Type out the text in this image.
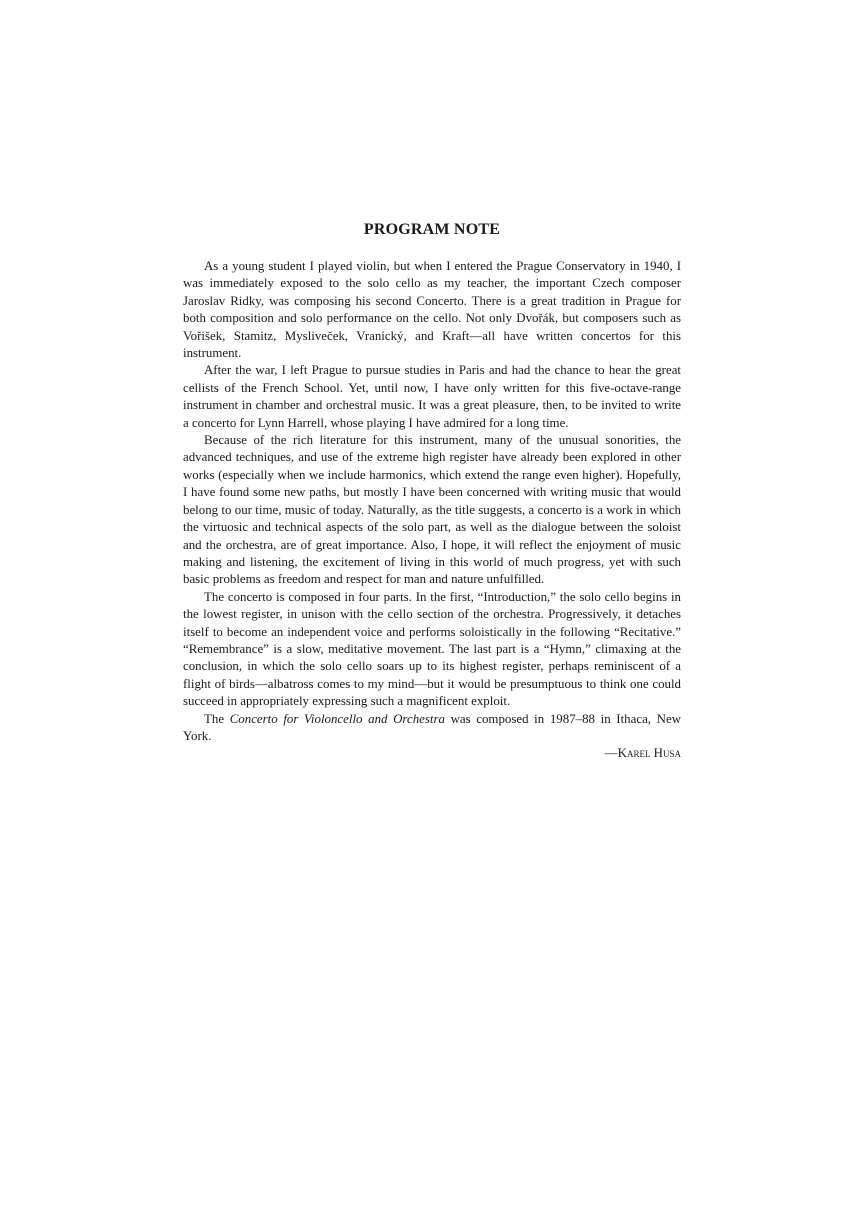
PROGRAM NOTE

As a young student I played violin, but when I entered the Prague Conservatory in 1940, I was immediately exposed to the solo cello as my teacher, the important Czech composer Jaroslav Ridky, was composing his second Concerto. There is a great tradition in Prague for both composition and solo performance on the cello. Not only Dvořák, but composers such as Vořišek, Stamitz, Mysliveček, Vranický, and Kraft—all have written concertos for this instrument.

After the war, I left Prague to pursue studies in Paris and had the chance to hear the great cellists of the French School. Yet, until now, I have only written for this five-octave-range instrument in chamber and orchestral music. It was a great pleasure, then, to be invited to write a concerto for Lynn Harrell, whose playing I have admired for a long time.

Because of the rich literature for this instrument, many of the unusual sonorities, the advanced techniques, and use of the extreme high register have already been explored in other works (especially when we include harmonics, which extend the range even higher). Hopefully, I have found some new paths, but mostly I have been concerned with writing music that would belong to our time, music of today. Naturally, as the title suggests, a concerto is a work in which the virtuosic and technical aspects of the solo part, as well as the dialogue between the soloist and the orchestra, are of great importance. Also, I hope, it will reflect the enjoyment of music making and listening, the excitement of living in this world of much progress, yet with such basic problems as freedom and respect for man and nature unfulfilled.

The concerto is composed in four parts. In the first, “Introduction,” the solo cello begins in the lowest register, in unison with the cello section of the orchestra. Progressively, it detaches itself to become an independent voice and performs soloistically in the following “Recitative.” “Remembrance” is a slow, meditative movement. The last part is a “Hymn,” climaxing at the conclusion, in which the solo cello soars up to its highest register, perhaps reminiscent of a flight of birds—albatross comes to my mind—but it would be presumptuous to think one could succeed in appropriately expressing such a magnificent exploit.

The Concerto for Violoncello and Orchestra was composed in 1987–88 in Ithaca, New York.

—Karel Husa
